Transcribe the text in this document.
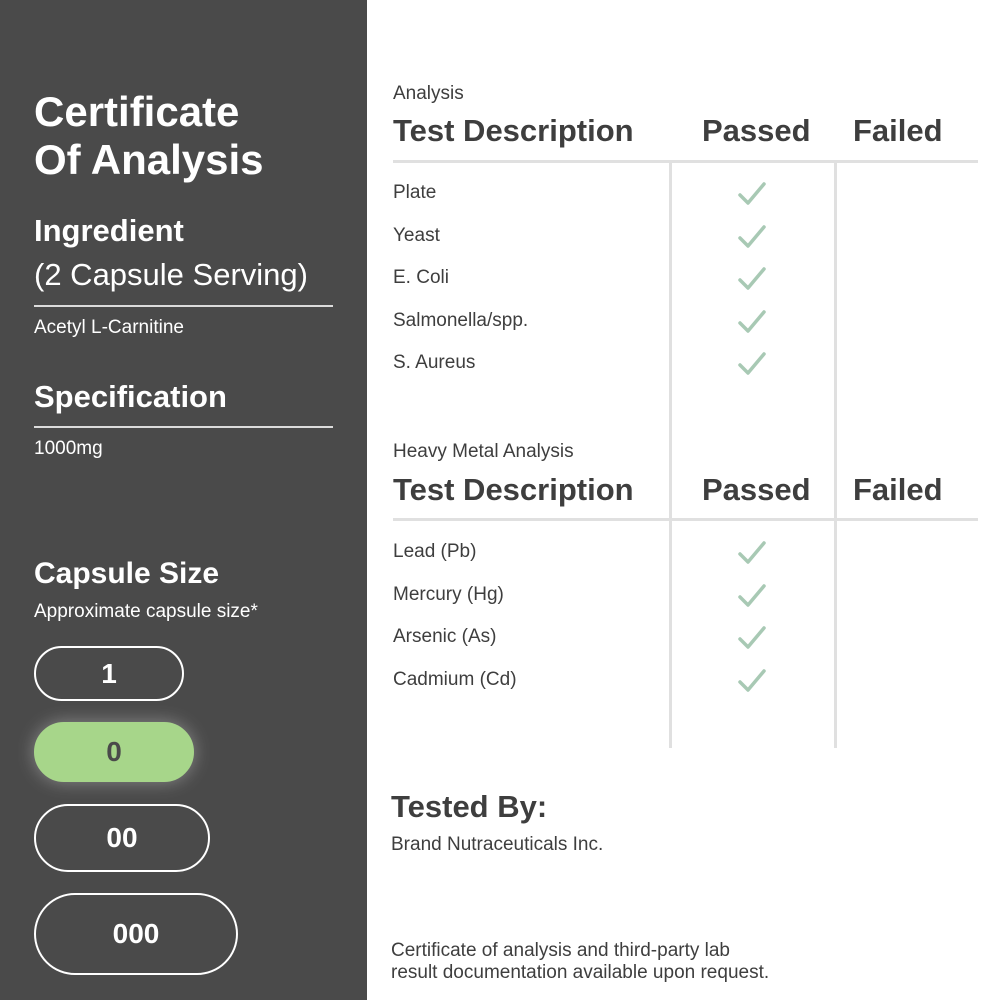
Certificate
Of Analysis
Ingredient
(2 Capsule Serving)
Acetyl L-Carnitine
Specification
1000mg
Capsule Size
Approximate capsule size*
1
0
00
000
Analysis
Test Description Passed Failed
Plate
Yeast
E. Coli
Salmonella/spp.
S. Aureus
Heavy Metal Analysis
Test Description Passed Failed
Lead (Pb)
Mercury (Hg)
Arsenic (As)
Cadmium (Cd)
Tested By:
Brand Nutraceuticals Inc.
Certificate of analysis and third-party lab
result documentation available upon request.
